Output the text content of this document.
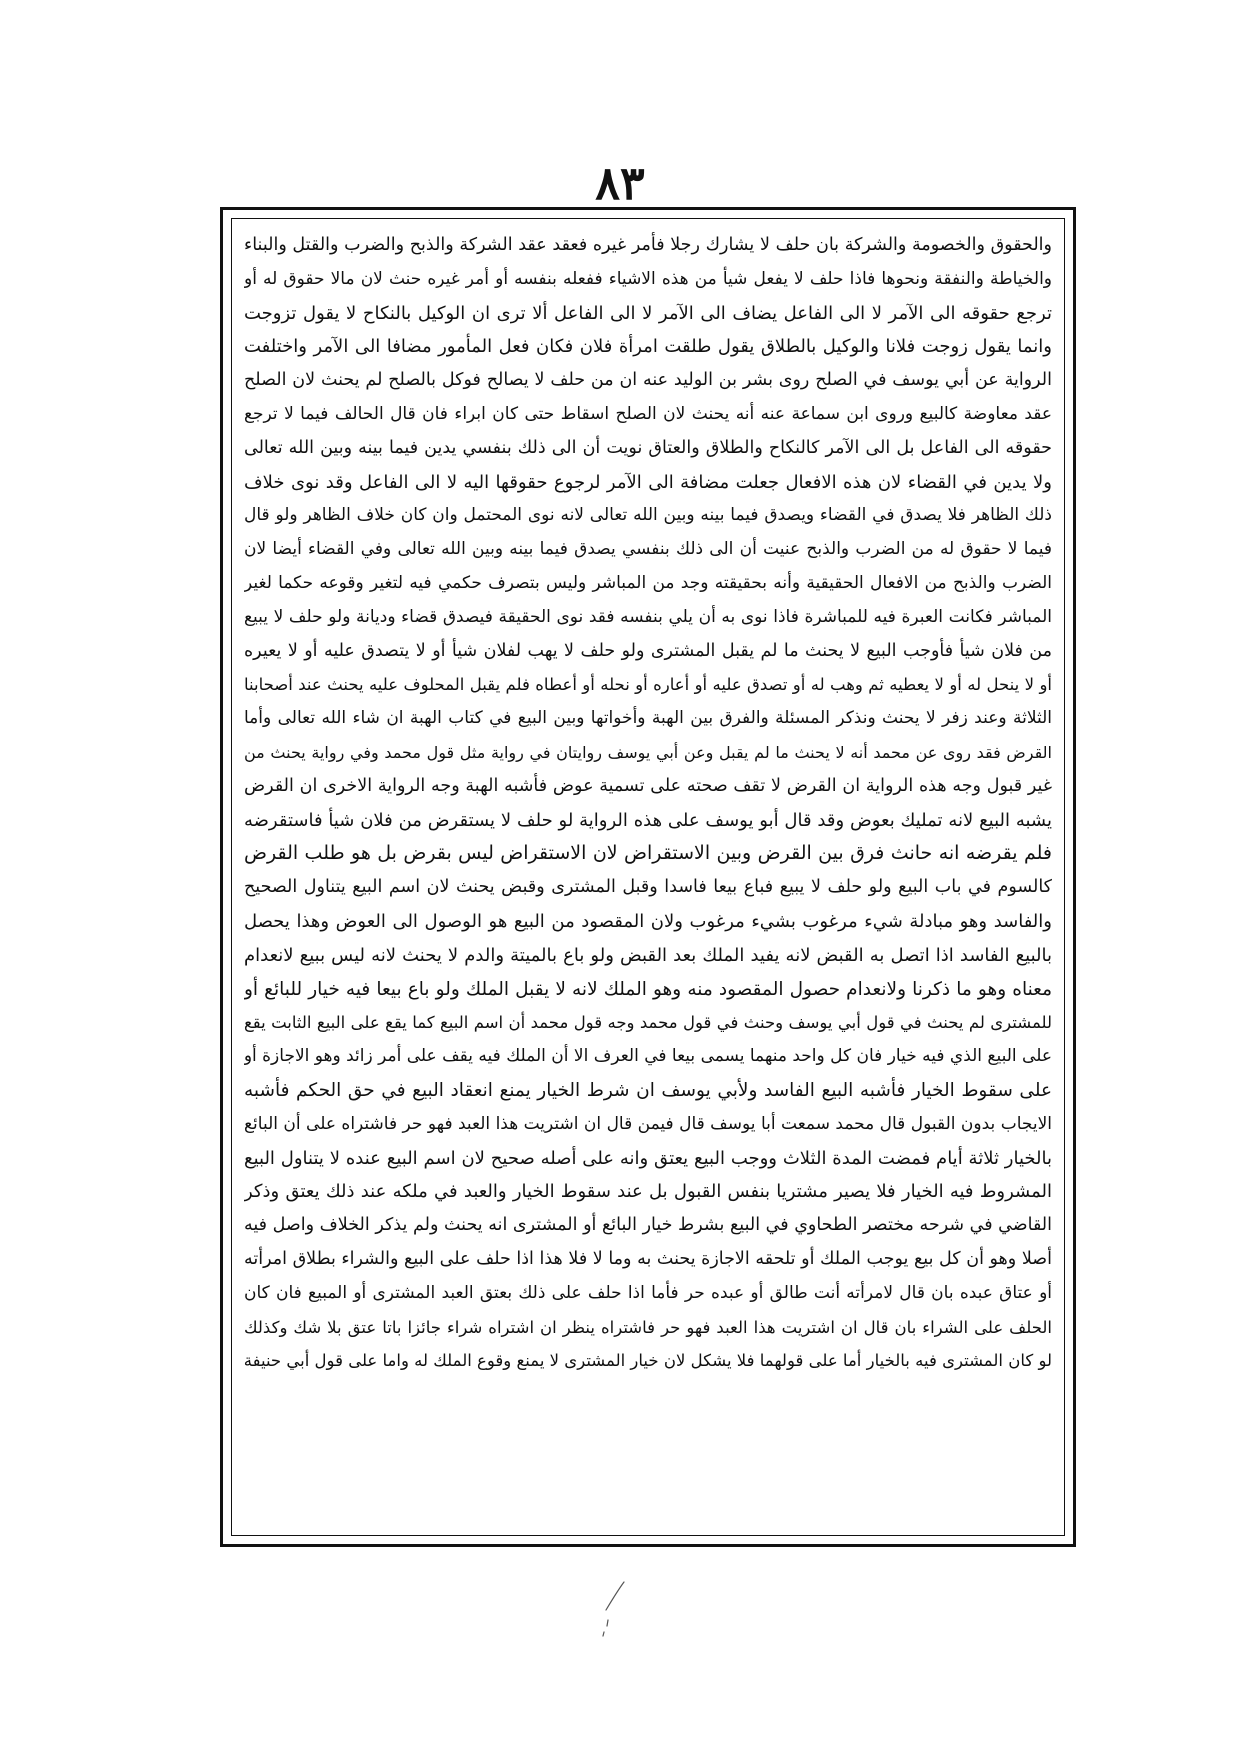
٨٣
والحقوق والخصومة والشركة بان حلف لا يشارك رجلا فأمر غيره فعقد عقد الشركة والذبح والضرب والقتل والبناء
والخياطة والنفقة ونحوها فاذا حلف لا يفعل شيأ من هذه الاشياء ففعله بنفسه أو أمر غيره حنث لان مالا حقوق له أو
ترجع حقوقه الى الآمر لا الى الفاعل يضاف الى الآمر لا الى الفاعل ألا ترى ان الوكيل بالنكاح لا يقول تزوجت
وانما يقول زوجت فلانا والوكيل بالطلاق يقول طلقت امرأة فلان فكان فعل المأمور مضافا الى الآمر واختلفت
الرواية عن أبي يوسف في الصلح روى بشر بن الوليد عنه ان من حلف لا يصالح فوكل بالصلح لم يحنث لان الصلح
عقد معاوضة كالبيع وروى ابن سماعة عنه أنه يحنث لان الصلح اسقاط حتى كان ابراء فان قال الحالف فيما لا ترجع
حقوقه الى الفاعل بل الى الآمر كالنكاح والطلاق والعتاق نويت أن الى ذلك بنفسي يدين فيما بينه وبين الله تعالى
ولا يدين في القضاء لان هذه الافعال جعلت مضافة الى الآمر لرجوع حقوقها اليه لا الى الفاعل وقد نوى خلاف
ذلك الظاهر فلا يصدق في القضاء ويصدق فيما بينه وبين الله تعالى لانه نوى المحتمل وان كان خلاف الظاهر ولو قال
فيما لا حقوق له من الضرب والذبح عنيت أن الى ذلك بنفسي يصدق فيما بينه وبين الله تعالى وفي القضاء أيضا لان
الضرب والذبح من الافعال الحقيقية وأنه بحقيقته وجد من المباشر وليس بتصرف حكمي فيه لتغير وقوعه حكما لغير
المباشر فكانت العبرة فيه للمباشرة فاذا نوى به أن يلي بنفسه فقد نوى الحقيقة فيصدق قضاء وديانة ولو حلف لا يبيع
من فلان شيأ فأوجب البيع لا يحنث ما لم يقبل المشترى ولو حلف لا يهب لفلان شيأ أو لا يتصدق عليه أو لا يعيره
أو لا ينحل له أو لا يعطيه ثم وهب له أو تصدق عليه أو أعاره أو نحله أو أعطاه فلم يقبل المحلوف عليه يحنث عند أصحابنا
الثلاثة وعند زفر لا يحنث ونذكر المسئلة والفرق بين الهبة وأخواتها وبين البيع في كتاب الهبة ان شاء الله تعالى وأما
القرض فقد روى عن محمد أنه لا يحنث ما لم يقبل وعن أبي يوسف روايتان في رواية مثل قول محمد وفي رواية يحنث من
غير قبول وجه هذه الرواية ان القرض لا تقف صحته على تسمية عوض فأشبه الهبة وجه الرواية الاخرى ان القرض
يشبه البيع لانه تمليك بعوض وقد قال أبو يوسف على هذه الرواية لو حلف لا يستقرض من فلان شيأ فاستقرضه
فلم يقرضه انه حانث فرق بين القرض وبين الاستقراض لان الاستقراض ليس بقرض بل هو طلب القرض
كالسوم في باب البيع ولو حلف لا يبيع فباع بيعا فاسدا وقبل المشترى وقبض يحنث لان اسم البيع يتناول الصحيح
والفاسد وهو مبادلة شيء مرغوب بشيء مرغوب ولان المقصود من البيع هو الوصول الى العوض وهذا يحصل
بالبيع الفاسد اذا اتصل به القبض لانه يفيد الملك بعد القبض ولو باع بالميتة والدم لا يحنث لانه ليس ببيع لانعدام
معناه وهو ما ذكرنا ولانعدام حصول المقصود منه وهو الملك لانه لا يقبل الملك ولو باع بيعا فيه خيار للبائع أو
للمشترى لم يحنث في قول أبي يوسف وحنث في قول محمد وجه قول محمد أن اسم البيع كما يقع على البيع الثابت يقع
على البيع الذي فيه خيار فان كل واحد منهما يسمى بيعا في العرف الا أن الملك فيه يقف على أمر زائد وهو الاجازة أو
على سقوط الخيار فأشبه البيع الفاسد ولأبي يوسف ان شرط الخيار يمنع انعقاد البيع في حق الحكم فأشبه
الايجاب بدون القبول قال محمد سمعت أبا يوسف قال فيمن قال ان اشتريت هذا العبد فهو حر فاشتراه على أن البائع
بالخيار ثلاثة أيام فمضت المدة الثلاث ووجب البيع يعتق وانه على أصله صحيح لان اسم البيع عنده لا يتناول البيع
المشروط فيه الخيار فلا يصير مشتريا بنفس القبول بل عند سقوط الخيار والعبد في ملكه عند ذلك يعتق وذكر
القاضي في شرحه مختصر الطحاوي في البيع بشرط خيار البائع أو المشترى انه يحنث ولم يذكر الخلاف واصل فيه
أصلا وهو أن كل بيع يوجب الملك أو تلحقه الاجازة يحنث به وما لا فلا هذا اذا حلف على البيع والشراء بطلاق امرأته
أو عتاق عبده بان قال لامرأته أنت طالق أو عبده حر فأما اذا حلف على ذلك بعتق العبد المشترى أو المبيع فان كان
الحلف على الشراء بان قال ان اشتريت هذا العبد فهو حر فاشتراه ينظر ان اشتراه شراء جائزا باتا عتق بلا شك وكذلك
لو كان المشترى فيه بالخيار أما على قولهما فلا يشكل لان خيار المشترى لا يمنع وقوع الملك له واما على قول أبي حنيفة
